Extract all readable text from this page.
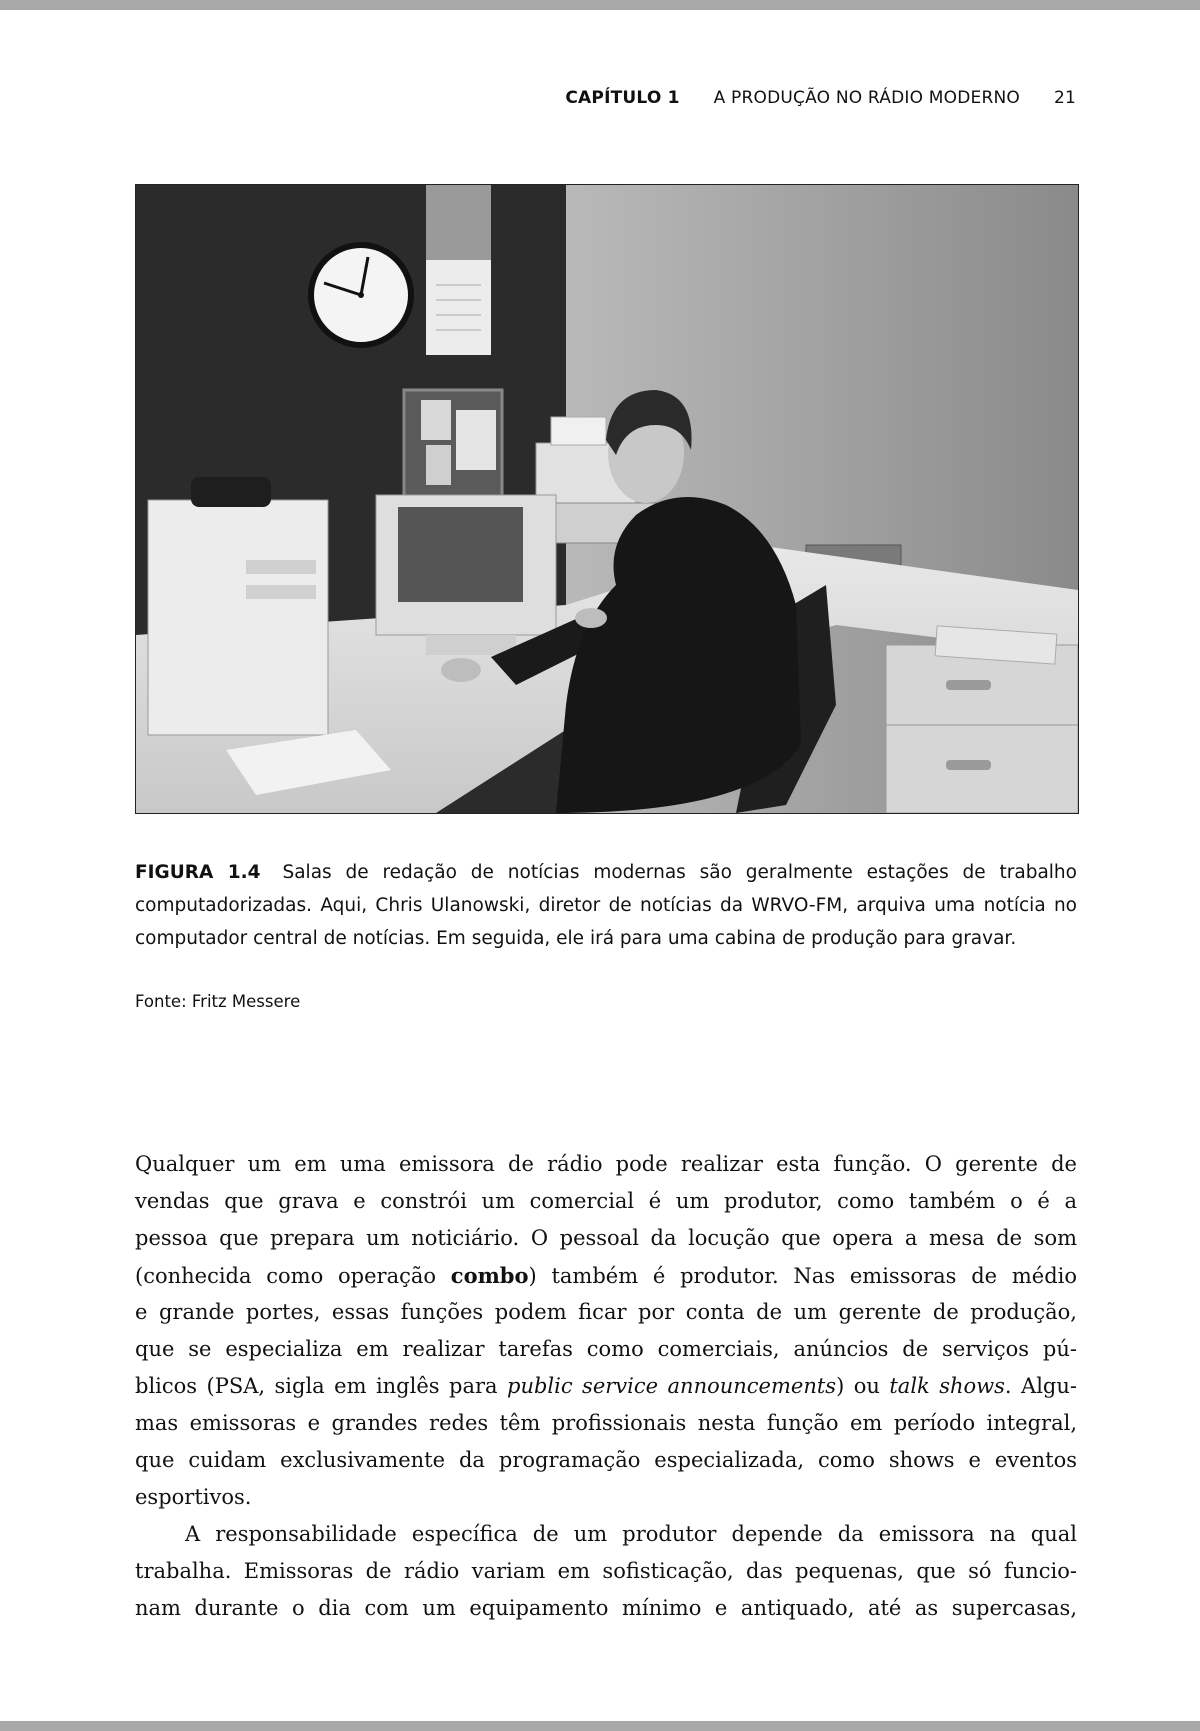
CAPÍTULO 1 A PRODUÇÃO NO RÁDIO MODERNO 21
FIGURA 1.4 Salas de redação de notícias modernas são geralmente estações de trabalho computadorizadas. Aqui, Chris Ulanowski, diretor de notícias da WRVO-FM, arquiva uma notícia no computador central de notícias. Em seguida, ele irá para uma cabina de produção para gravar.
Fonte: Fritz Messere
Qualquer um em uma emissora de rádio pode realizar esta função. O gerente de
vendas que grava e constrói um comercial é um produtor, como também o é a
pessoa que prepara um noticiário. O pessoal da locução que opera a mesa de som
(conhecida como operação combo) também é produtor. Nas emissoras de médio
e grande portes, essas funções podem ficar por conta de um gerente de produção,
que se especializa em realizar tarefas como comerciais, anúncios de serviços pú-
blicos (PSA, sigla em inglês para public service announcements) ou talk shows. Algu-
mas emissoras e grandes redes têm profissionais nesta função em período integral,
que cuidam exclusivamente da programação especializada, como shows e eventos
esportivos.
A responsabilidade específica de um produtor depende da emissora na qual
trabalha. Emissoras de rádio variam em sofisticação, das pequenas, que só funcio-
nam durante o dia com um equipamento mínimo e antiquado, até as supercasas,
